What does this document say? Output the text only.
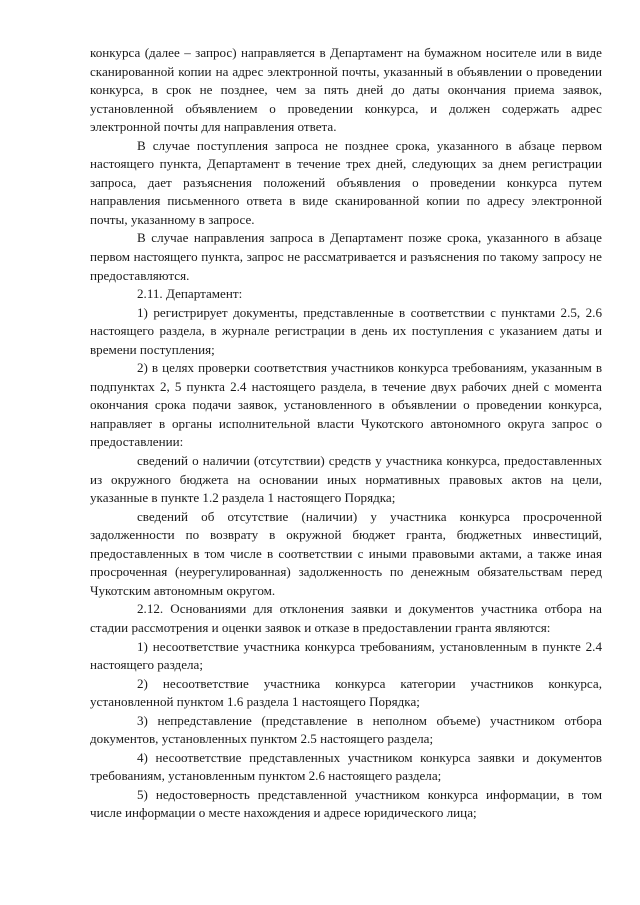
конкурса (далее – запрос) направляется в Департамент на бумажном носителе или в виде сканированной копии на адрес электронной почты, указанный в объявлении о проведении конкурса, в срок не позднее, чем за пять дней до даты окончания приема заявок, установленной объявлением о проведении конкурса, и должен содержать адрес электронной почты для направления ответа.

В случае поступления запроса не позднее срока, указанного в абзаце первом настоящего пункта, Департамент в течение трех дней, следующих за днем регистрации запроса, дает разъяснения положений объявления о проведении конкурса путем направления письменного ответа в виде сканированной копии по адресу электронной почты, указанному в запросе.

В случае направления запроса в Департамент позже срока, указанного в абзаце первом настоящего пункта, запрос не рассматривается и разъяснения по такому запросу не предоставляются.

2.11. Департамент:

1) регистрирует документы, представленные в соответствии с пунктами 2.5, 2.6 настоящего раздела, в журнале регистрации в день их поступления с указанием даты и времени поступления;

2) в целях проверки соответствия участников конкурса требованиям, указанным в подпунктах 2, 5 пункта 2.4 настоящего раздела, в течение двух рабочих дней с момента окончания срока подачи заявок, установленного в объявлении о проведении конкурса, направляет в органы исполнительной власти Чукотского автономного округа запрос о предоставлении:

сведений о наличии (отсутствии) средств у участника конкурса, предоставленных из окружного бюджета на основании иных нормативных правовых актов на цели, указанные в пункте 1.2 раздела 1 настоящего Порядка;

сведений об отсутствие (наличии) у участника конкурса просроченной задолженности по возврату в окружной бюджет гранта, бюджетных инвестиций, предоставленных в том числе в соответствии с иными правовыми актами, а также иная просроченная (неурегулированная) задолженность по денежным обязательствам перед Чукотским автономным округом.

2.12. Основаниями для отклонения заявки и документов участника отбора на стадии рассмотрения и оценки заявок и отказе в предоставлении гранта являются:

1) несоответствие участника конкурса требованиям, установленным в пункте 2.4 настоящего раздела;

2) несоответствие участника конкурса категории участников конкурса, установленной пунктом 1.6 раздела 1 настоящего Порядка;

3) непредставление (представление в неполном объеме) участником отбора документов, установленных пунктом 2.5 настоящего раздела;

4) несоответствие представленных участником конкурса заявки и документов требованиям, установленным пунктом 2.6 настоящего раздела;

5) недостоверность представленной участником конкурса информации, в том числе информации о месте нахождения и адресе юридического лица;
